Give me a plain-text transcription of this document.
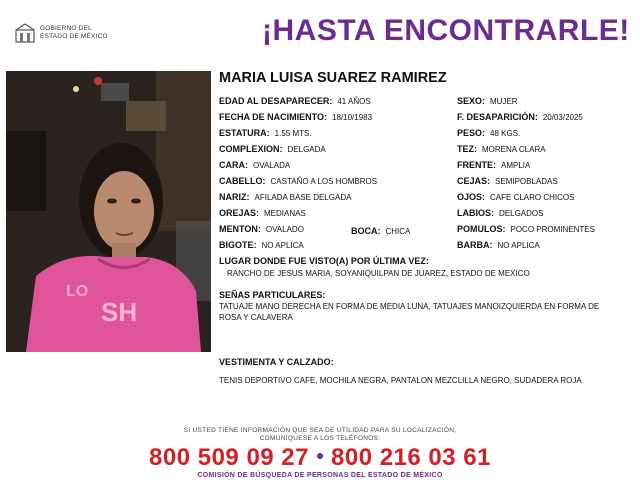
GOBIERNO DEL
ESTADO DE MÉXICO	¡HASTA ENCONTRARLE!
SH
LO
MARIA LUISA SUAREZ RAMIREZ
EDAD AL DESAPARECER: 41 AÑOS
FECHA DE NACIMIENTO: 18/10/1983
ESTATURA: 1.55 MTS.
COMPLEXION: DELGADA
CARA: OVALADA
CABELLO: CASTAÑO A LOS HOMBROS
NARIZ: AFILADA BASE DELGADA
OREJAS: MEDIANAS
MENTON: OVALADO	BOCA: CHICA
BIGOTE: NO APLICA
SEXO: MUJER
F. DESAPARICIÓN: 20/03/2025
PESO: 48 KGS.
TEZ: MORENA CLARA
FRENTE: AMPLIA
CEJAS: SEMIPOBLADAS
OJOS: CAFE CLARO CHICOS
LABIOS: DELGADOS
POMULOS: POCO PROMINENTES
BARBA: NO APLICA
LUGAR DONDE FUE VISTO(A) POR ÚLTIMA VEZ:
RANCHO DE JESUS MARIA, SOYANIQUILPAN DE JUAREZ, ESTADO DE MEXICO
SEÑAS PARTICULARES:
TATUAJE MANO DERECHA EN FORMA DE MEDIA LUNA, TATUAJES MANOIZQUIERDA EN FORMA DE ROSA Y CALAVERA
VESTIMENTA Y CALZADO:
TENIS DEPORTIVO CAFE, MOCHILA NEGRA, PANTALON MEZCLILLA NEGRO, SUDADERA ROJA
SI USTED TIENE INFORMACIÓN QUE SEA DE UTILIDAD PARA SU LOCALIZACIÓN,
COMUNÍQUESE A LOS TELÉFONOS:
800 509 09 27 800 216 03 61
COMISIÓN DE BÚSQUEDA DE PERSONAS DEL ESTADO DE MÉXICO
